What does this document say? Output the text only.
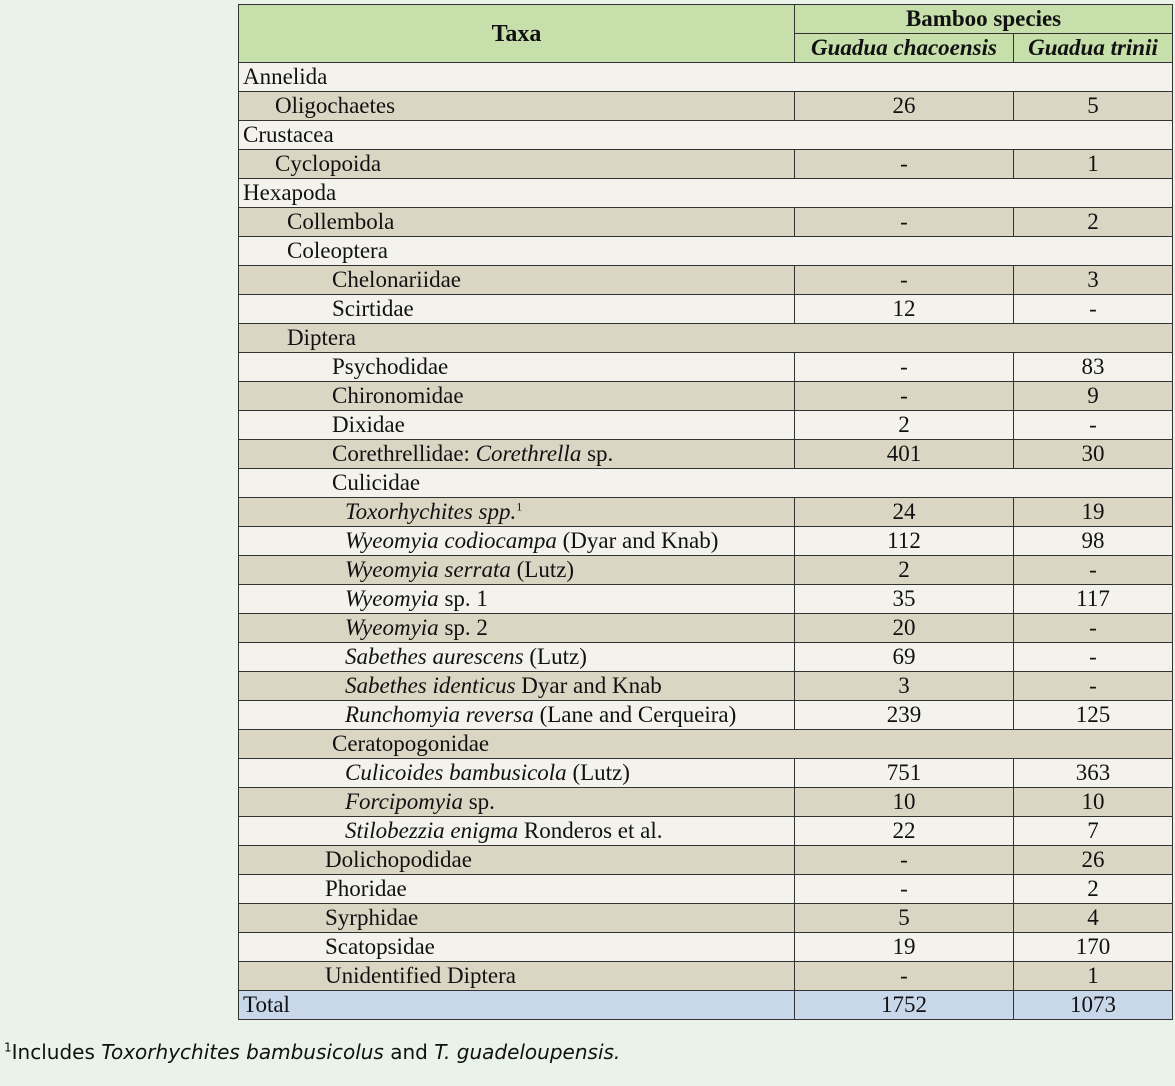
Taxa	Bamboo species	
	Guadua chacoensis	Guadua trinii
Annelida		
Oligochaetes	26	5
Crustacea		
Cyclopoida	-	1
Hexapoda		
Collembola	-	2
Coleoptera		
Chelonariidae	-	3
Scirtidae	12	-
Diptera		
Psychodidae	-	83
Chironomidae	-	9
Dixidae	2	-
Corethrellidae: Corethrella sp.	401	30
Culicidae		
Toxorhychites spp.$^1$	24	19
Wyeomyia codiocampa (Dyar and Knab)	112	98
Wyeomyia serrata (Lutz)	2	-
Wyeomyia sp. 1	35	117
Wyeomyia sp. 2	20	-
Sabethes aurescens (Lutz)	69	-
Sabethes identicus Dyar and Knab	3	-
Runchomyia reversa (Lane and Cerqueira)	239	125
Ceratopogonidae		
Culicoides bambusicola (Lutz)	751	363
Forcipomyia sp.	10	10
Stilobezzia enigma Ronderos et al.	22	7
Dolichopodidae	-	26
Phoridae	-	2
Syrphidae	5	4
Scatopsidae	19	170
Unidentified Diptera	-	1
Total	1752	1073
$^1$Includes Toxorhychites bambusicolus and T. guadeloupensis.
